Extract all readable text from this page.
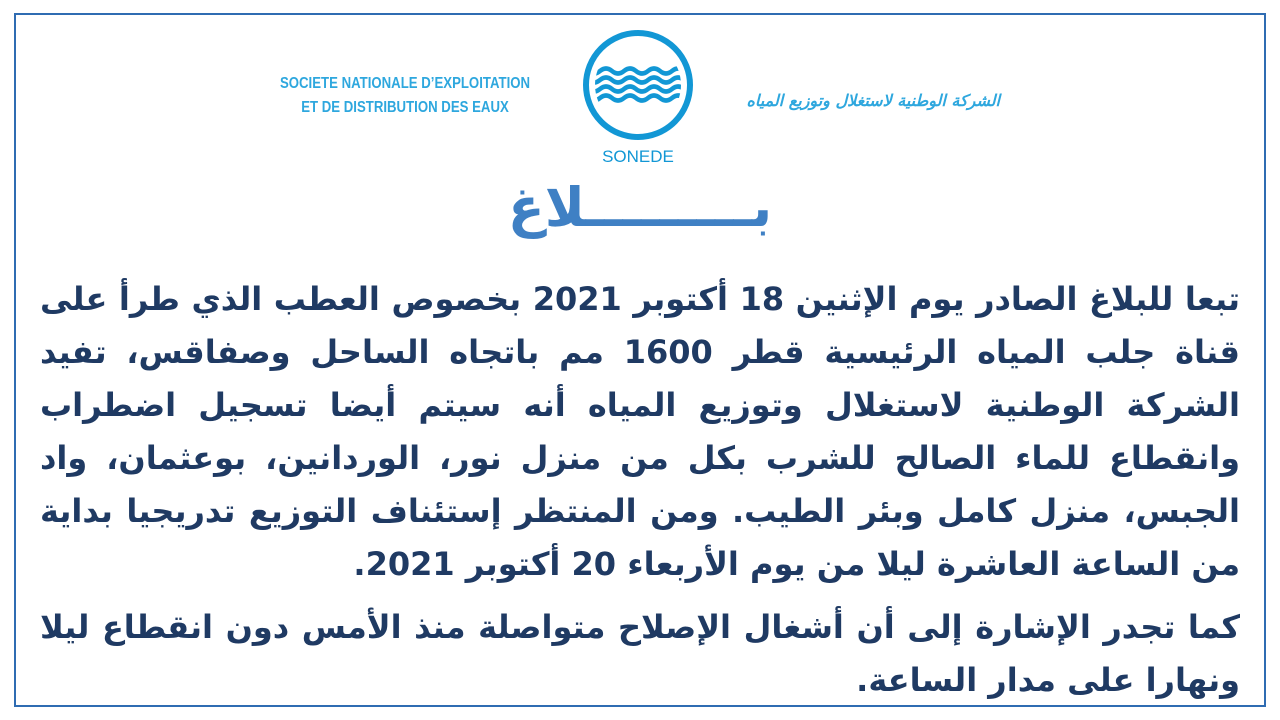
SOCIETE NATIONALE D’EXPLOITATION
ET DE DISTRIBUTION DES EAUX
SONEDE
الشركة الوطنية لاستغلال وتوزيع المياه
بـــــــــلاغ
تبعا للبلاغ الصادر يوم الإثنين 18 أكتوبر 2021 بخصوص العطب الذي طرأ على
قناة جلب المياه الرئيسية قطر 1600 مم باتجاه الساحل وصفاقس، تفيد
الشركة الوطنية لاستغلال وتوزيع المياه أنه سيتم أيضا تسجيل اضطراب
وانقطاع للماء الصالح للشرب بكل من منزل نور، الوردانين، بوعثمان، واد
الجبس، منزل كامل وبئر الطيب. ومن المنتظر إستئناف التوزيع تدريجيا بداية
من الساعة العاشرة ليلا من يوم الأربعاء 20 أكتوبر 2021.
كما تجدر الإشارة إلى أن أشغال الإصلاح متواصلة منذ الأمس دون انقطاع ليلا
ونهارا على مدار الساعة.
